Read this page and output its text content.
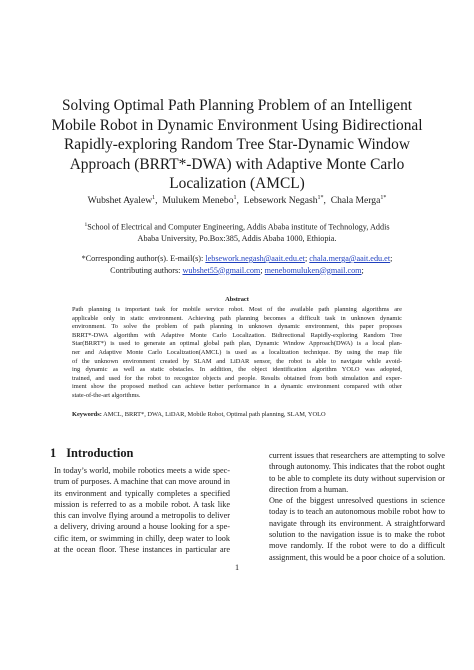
Solving Optimal Path Planning Problem of an Intelligent
Mobile Robot in Dynamic Environment Using Bidirectional
Rapidly-exploring Random Tree Star-Dynamic Window
Approach (BRRT*-DWA) with Adaptive Monte Carlo
Localization (AMCL)
Wubshet Ayalew$^1$,  Mulukem Menebo$^1$,  Lebsework Negash$^{1*}$,  Chala Merga$^{1*}$
$^1$School of Electrical and Computer Engineering, Addis Ababa institute of Technology, Addis
Ababa University, Po.Box:385, Addis Ababa 1000, Ethiopia.
*Corresponding author(s). E-mail(s): lebsework.negash@aait.edu.et; chala.merga@aait.edu.et;
Contributing authors: wubshet55@gmail.com; menebomuluken@gmail.com;
Abstract
Path planning is important task for mobile service robot. Most of the available path planning algorithms are
applicable only in static environment. Achieving path planning becomes a difficult task in unknown dynamic
environment. To solve the problem of path planning in unknown dynamic environment, this paper proposes
BRRT*-DWA algorithm with Adaptive Monte Carlo Localization. Bidirectional Rapidly-exploring Random Tree
Star(BRRT*) is used to generate an optimal global path plan, Dynamic Window Approach(DWA) is a local plan-
ner and Adaptive Monte Carlo Localization(AMCL) is used as a localization technique. By using the map file
of the unknown environment created by SLAM and LiDAR sensor, the robot is able to navigate while avoid-
ing dynamic as well as static obstacles. In addition, the object identification algorithm YOLO was adopted,
trained, and used for the robot to recognize objects and people. Results obtained from both simulation and exper-
iment show the proposed method can achieve better performance in a dynamic environment compared with other
state-of-the-art algorithms.
Keywords: AMCL, BRRT*, DWA, LiDAR, Mobile Robot, Optimal path planning, SLAM, YOLO
1 Introduction
In today’s world, mobile robotics meets a wide spec-
trum of purposes. A machine that can move around in
its environment and typically completes a specified
mission is referred to as a mobile robot. A task like
this can involve flying around a metropolis to deliver
a delivery, driving around a house looking for a spe-
cific item, or swimming in chilly, deep water to look
at the ocean floor. These instances in particular are
current issues that researchers are attempting to solve
through autonomy. This indicates that the robot ought
to be able to complete its duty without supervision or
direction from a human.
One of the biggest unresolved questions in science
today is to teach an autonomous mobile robot how to
navigate through its environment. A straightforward
solution to the navigation issue is to make the robot
move randomly. If the robot were to do a difficult
assignment, this would be a poor choice of a solution.
1
